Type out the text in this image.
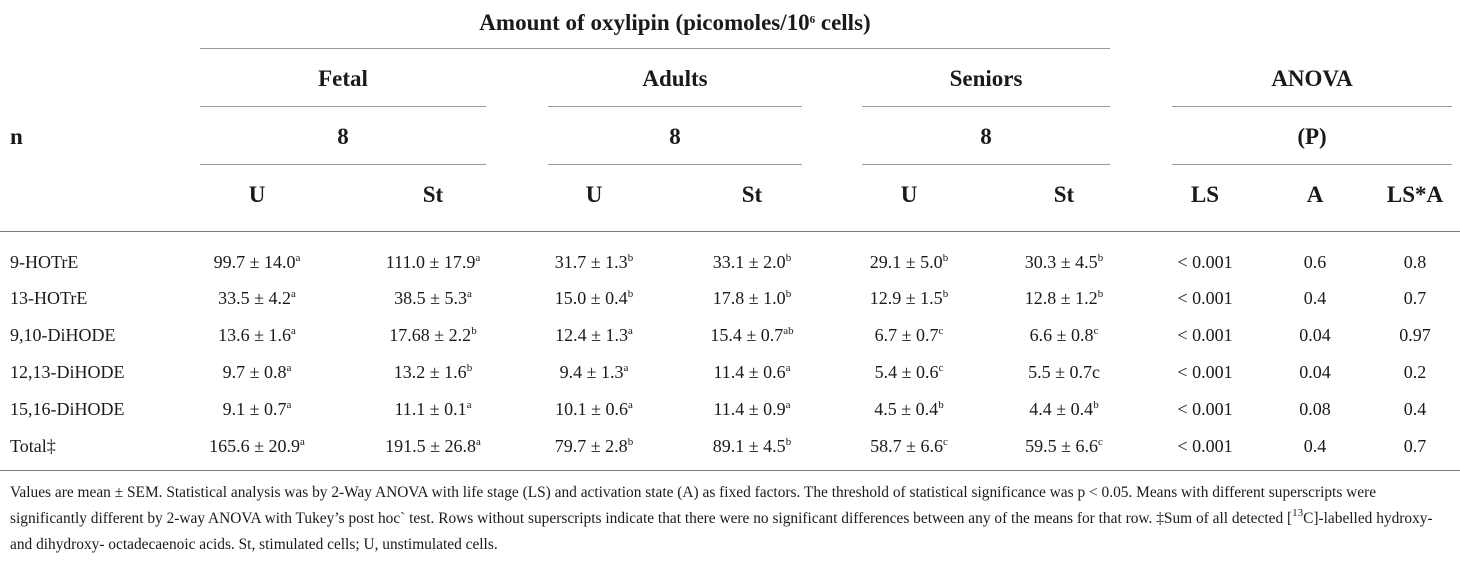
Amount of oxylipin ($picomoles/10^6$ cells)
Fetal	Adults	Seniors	ANOVA
n	8	8	8	(P)
U	St	U	St	U	St	LS	A	LS*A
9-HOTrE	99.7 ± 14.0$^a$	111.0 ± 17.9$^a$	31.7 ± 1.3$^b$	33.1 ± 2.0$^b$	29.1 ± 5.0$^b$	30.3 ± 4.5$^b$	< 0.001	0.6	0.8
13-HOTrE	33.5 ± 4.2$^a$	38.5 ± 5.3$^a$	15.0 ± 0.4$^b$	17.8 ± 1.0$^b$	12.9 ± 1.5$^b$	12.8 ± 1.2$^b$	< 0.001	0.4	0.7
9,10-DiHODE	13.6 ± 1.6$^a$	17.68 ± 2.2$^b$	12.4 ± 1.3$^a$	15.4 ± 0.7$^{ab}$	6.7 ± 0.7$^c$	6.6 ± 0.8$^c$	< 0.001	0.04	0.97
12,13-DiHODE	9.7 ± 0.8$^a$	13.2 ± 1.6$^b$	9.4 ± 1.3$^a$	11.4 ± 0.6$^a$	5.4 ± 0.6$^c$	5.5 ± 0.7c	< 0.001	0.04	0.2
15,16-DiHODE	9.1 ± 0.7$^a$	11.1 ± 0.1$^a$	10.1 ± 0.6$^a$	11.4 ± 0.9$^a$	4.5 ± 0.4$^b$	4.4 ± 0.4$^b$	< 0.001	0.08	0.4
Total‡	165.6 ± 20.9$^a$	191.5 ± 26.8$^a$	79.7 ± 2.8$^b$	89.1 ± 4.5$^b$	58.7 ± 6.6$^c$	59.5 ± 6.6$^c$	< 0.001	0.4	0.7
Values are mean ± SEM. Statistical analysis was by 2-Way ANOVA with life stage (LS) and activation state (A) as fixed factors. The threshold of statistical significance was p < 0.05. Means with different superscripts were significantly different by 2-way ANOVA with Tukey’s post hoc` test. Rows without superscripts indicate that there were no significant differences between any of the means for that row. ‡Sum of all detected [$^{13}$C]-labelled hydroxy- and dihydroxy- octadecaenoic acids. St, stimulated cells; U, unstimulated cells.
